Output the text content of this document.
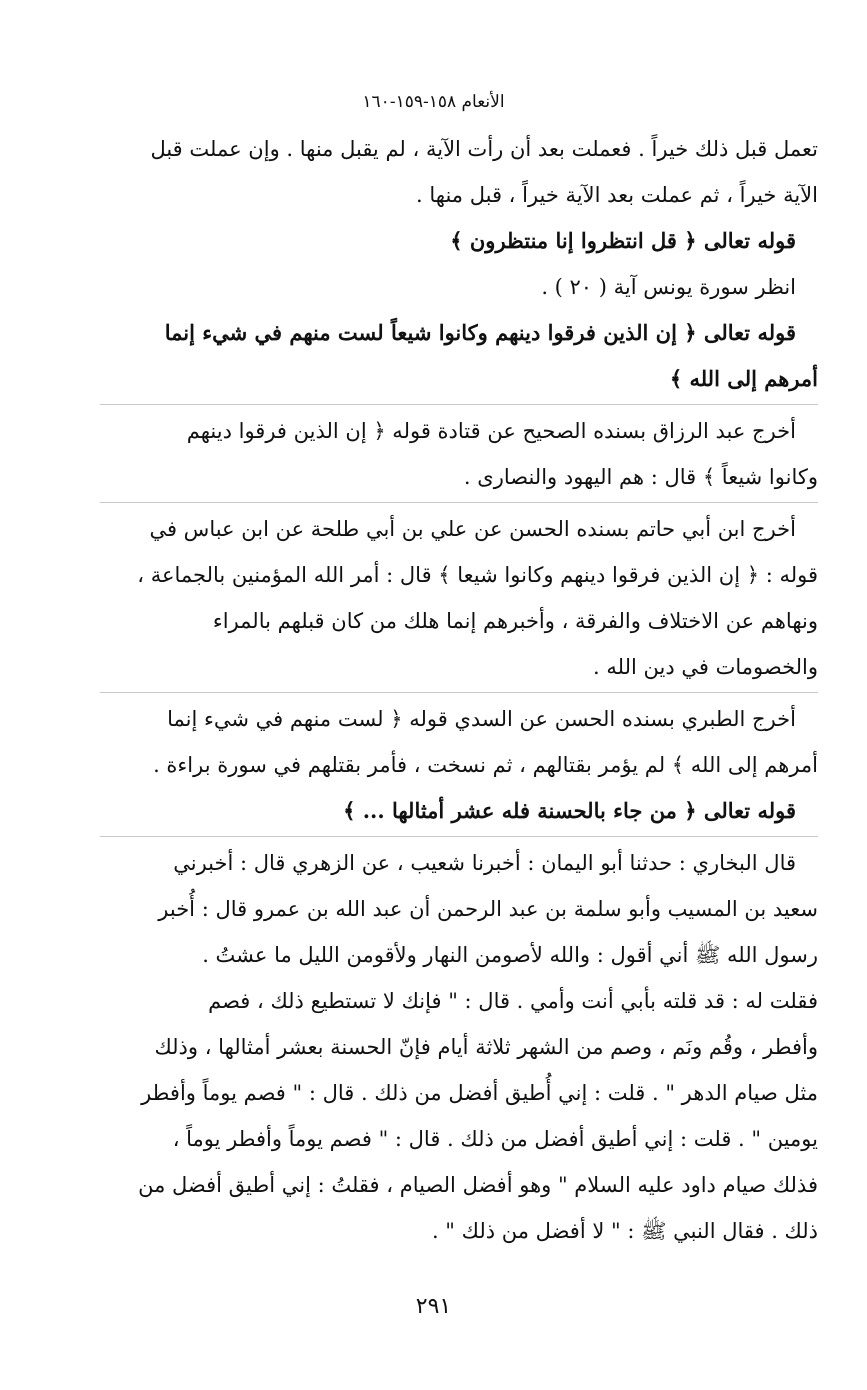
الأنعام ١٥٨-١٥٩-١٦٠
تعمل قبل ذلك خيراً . فعملت بعد أن رأت الآية ، لم يقبل منها . وإن عملت قبل
الآية خيراً ، ثم عملت بعد الآية خيراً ، قبل منها .
قوله تعالى ﴿ قل انتظروا إنا منتظرون ﴾
انظر سورة يونس آية ( ٢٠ ) .
قوله تعالى ﴿ إن الذين فرقوا دينهم وكانوا شيعاً لست منهم في شيء إنما
أمرهم إلى الله ﴾
أخرج عبد الرزاق بسنده الصحيح عن قتادة قوله ﴿ إن الذين فرقوا دينهم
وكانوا شيعاً ﴾ قال : هم اليهود والنصارى .
أخرج ابن أبي حاتم بسنده الحسن عن علي بن أبي طلحة عن ابن عباس في
قوله : ﴿ إن الذين فرقوا دينهم وكانوا شيعا ﴾ قال : أمر الله المؤمنين بالجماعة ،
ونهاهم عن الاختلاف والفرقة ، وأخبرهم إنما هلك من كان قبلهم بالمراء
والخصومات في دين الله .
أخرج الطبري بسنده الحسن عن السدي قوله ﴿ لست منهم في شيء إنما
أمرهم إلى الله ﴾ لم يؤمر بقتالهم ، ثم نسخت ، فأمر بقتلهم في سورة براءة .
قوله تعالى ﴿ من جاء بالحسنة فله عشر أمثالها ... ﴾
قال البخاري : حدثنا أبو اليمان : أخبرنا شعيب ، عن الزهري قال : أخبرني
سعيد بن المسيب وأبو سلمة بن عبد الرحمن أن عبد الله بن عمرو قال : أُخبر
رسول الله ﷺ أني أقول : والله لأصومن النهار ولأقومن الليل ما عشتُ .
فقلت له : قد قلته بأبي أنت وأمي . قال : " فإنك لا تستطيع ذلك ، فصم
وأفطر ، وقُم ونَم ، وصم من الشهر ثلاثة أيام فإنّ الحسنة بعشر أمثالها ، وذلك
مثل صيام الدهر " . قلت : إني أُطيق أفضل من ذلك . قال : " فصم يوماً وأفطر
يومين " . قلت : إني أطيق أفضل من ذلك . قال : " فصم يوماً وأفطر يوماً ،
فذلك صيام داود عليه السلام " وهو أفضل الصيام ، فقلتُ : إني أطيق أفضل من
ذلك . فقال النبي ﷺ : " لا أفضل من ذلك " .
٢٩١
